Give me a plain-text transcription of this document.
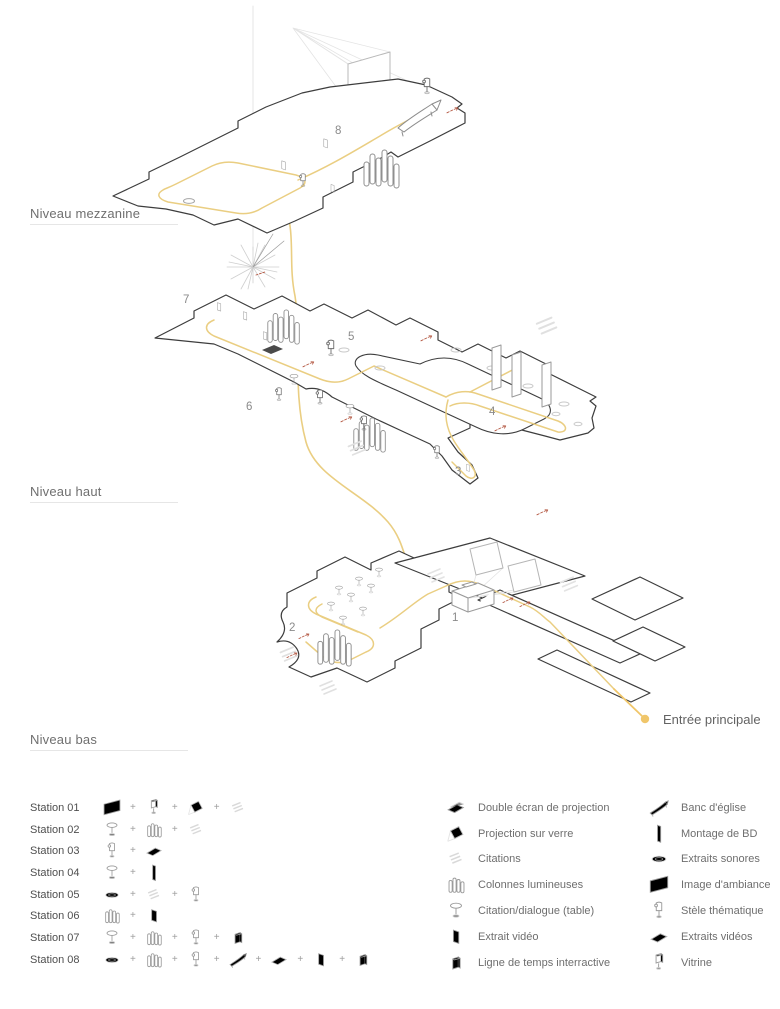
8
7
5
6	4
3
2
1
Niveau mezzanine
Niveau haut
Niveau bas
Entrée principale
Station 01	+	+	+
Station 02	+	+
Station 03	+
Station 04	+
Station 05	+	+
Station 06	+
Station 07	+	+	+
Station 08	+	+	+	+	+	+
Double écran de projection
Projection sur verre
Citations
Colonnes lumineuses
Citation/dialogue (table)
Extrait vidéo
Ligne de temps interractive
Banc d'église
Montage de BD
Extraits sonores
Image d'ambiance
Stèle thématique
Extraits vidéos
Vitrine
